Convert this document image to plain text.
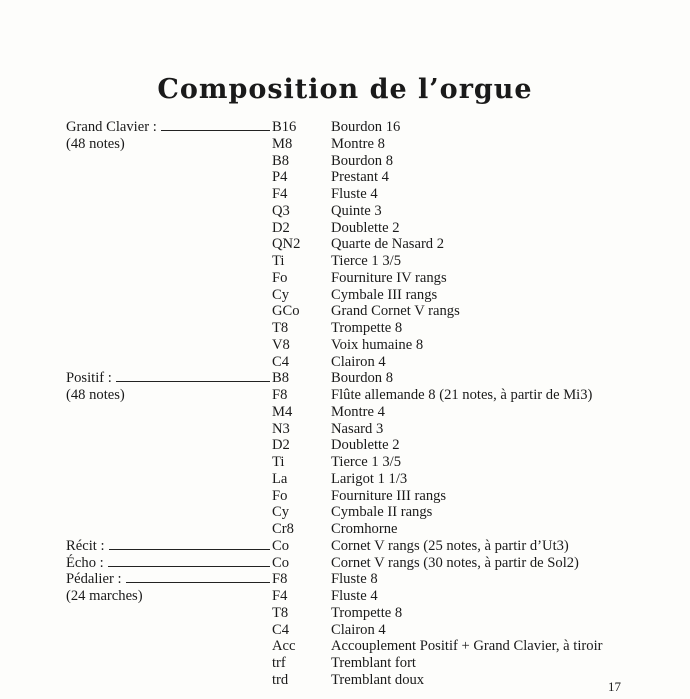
Composition de l’orgue
Grand Clavier :	B16 Bourdon 16
(48 notes)	M8	Montre 8
B8	Bourdon 8
P4	Prestant 4
F4	Fluste 4
Q3	Quinte 3
D2	Doublette 2
QN2 Quarte de Nasard 2
Ti	Tierce 1 3/5
Fo	Fourniture IV rangs
Cy	Cymbale III rangs
GCo Grand Cornet V rangs
T8	Trompette 8
V8	Voix humaine 8
C4	Clairon 4
Positif :	B8	Bourdon 8
(48 notes)	F8	Flûte allemande 8 (21 notes, à partir de Mi3)
M4	Montre 4
N3	Nasard 3
D2	Doublette 2
Ti	Tierce 1 3/5
La	Larigot 1 1/3
Fo	Fourniture III rangs
Cy	Cymbale II rangs
Cr8	Cromhorne
Récit :	Co	Cornet V rangs (25 notes, à partir d’Ut3)
Écho :	Co	Cornet V rangs (30 notes, à partir de Sol2)
Pédalier :	F8	Fluste 8
(24 marches)	F4	Fluste 4
T8	Trompette 8
C4	Clairon 4
Acc Accouplement Positif + Grand Clavier, à tiroir
trf	Tremblant fort
trd	Tremblant doux	17
